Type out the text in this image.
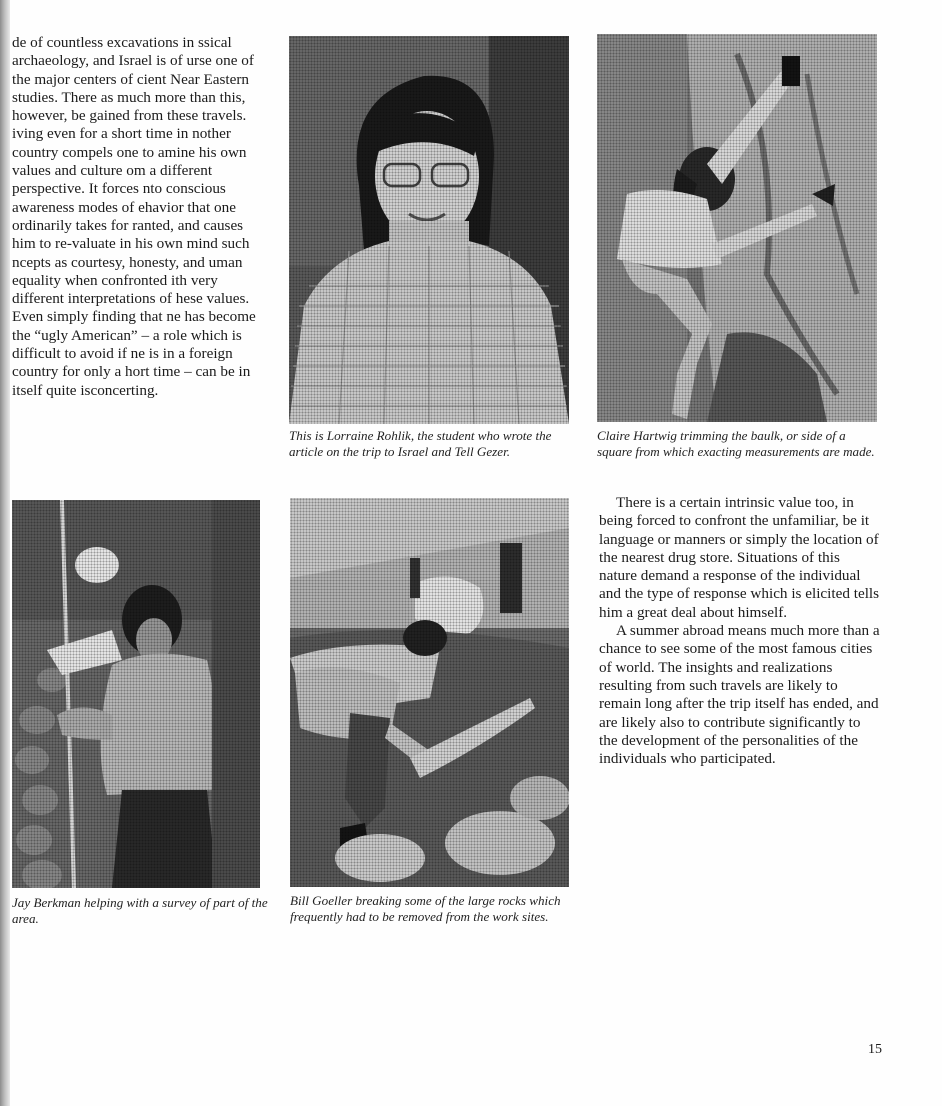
de of countless excavations in ssical archaeology, and Israel is of urse one of the major centers of cient Near Eastern studies. There as much more than this, however, be gained from these travels. iving even for a short time in nother country compels one to amine his own values and culture om a different perspective. It forces nto conscious awareness modes of ehavior that one ordinarily takes for ranted, and causes him to re-valuate in his own mind such ncepts as courtesy, honesty, and uman equality when confronted ith very different interpretations of hese values. Even simply finding that ne has become the “ugly American” – a role which is difficult to avoid if ne is in a foreign country for only a hort time – can be in itself quite isconcerting.

This is Lorraine Rohlik, the student who wrote the article on the trip to Israel and Tell Gezer.

Claire Hartwig trimming the baulk, or side of a square from which exacting measurements are made.

Jay Berkman helping with a survey of part of the area.

Bill Goeller breaking some of the large rocks which frequently had to be removed from the work sites.

There is a certain intrinsic value too, in being forced to confront the unfamiliar, be it language or manners or simply the location of the nearest drug store. Situations of this nature demand a response of the individual and the type of response which is elicited tells him a great deal about himself.

A summer abroad means much more than a chance to see some of the most famous cities of world. The insights and realizations resulting from such travels are likely to remain long after the trip itself has ended, and are likely also to contribute significantly to the development of the personalities of the individuals who participated.

15
